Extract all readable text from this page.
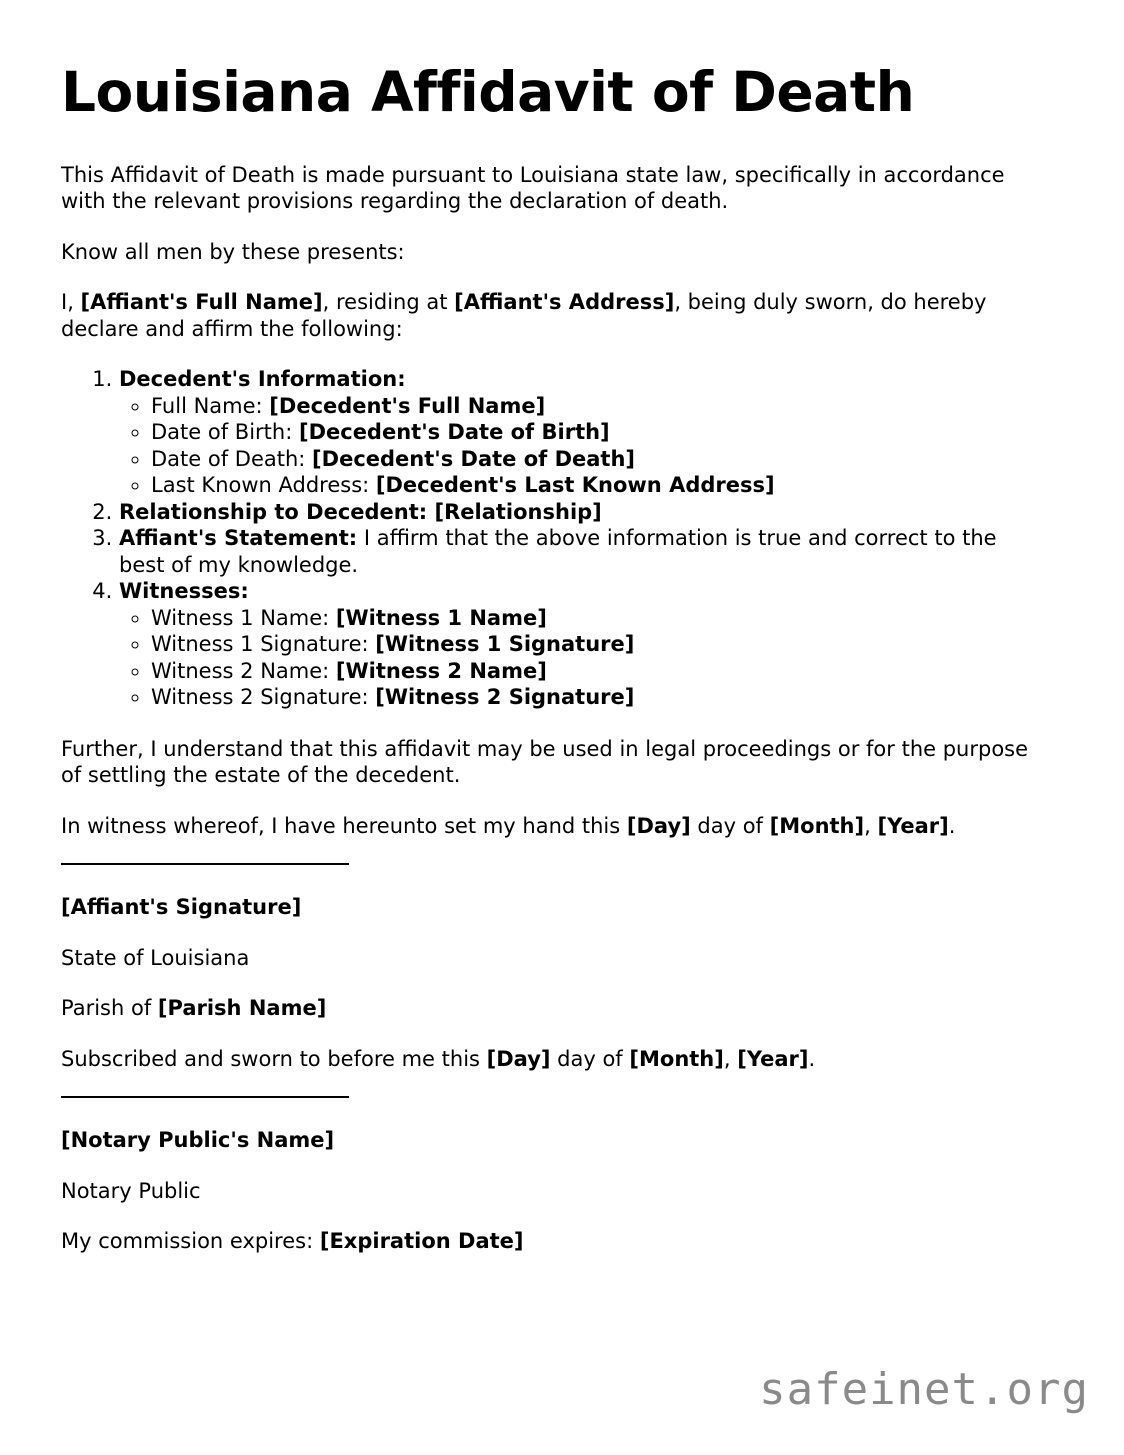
Louisiana Affidavit of Death

This Affidavit of Death is made pursuant to Louisiana state law, specifically in accordance with the relevant provisions regarding the declaration of death.

Know all men by these presents:

I, [Affiant's Full Name], residing at [Affiant's Address], being duly sworn, do hereby declare and affirm the following:

1. Decedent's Information:
◦ Full Name: [Decedent's Full Name]
◦ Date of Birth: [Decedent's Date of Birth]
◦ Date of Death: [Decedent's Date of Death]
◦ Last Known Address: [Decedent's Last Known Address]
2. Relationship to Decedent: [Relationship]
3. Affiant's Statement: I affirm that the above information is true and correct to the best of my knowledge.
4. Witnesses:
◦ Witness 1 Name: [Witness 1 Name]
◦ Witness 1 Signature: [Witness 1 Signature]
◦ Witness 2 Name: [Witness 2 Name]
◦ Witness 2 Signature: [Witness 2 Signature]

Further, I understand that this affidavit may be used in legal proceedings or for the purpose of settling the estate of the decedent.

In witness whereof, I have hereunto set my hand this [Day] day of [Month], [Year].

[Affiant's Signature]

State of Louisiana

Parish of [Parish Name]

Subscribed and sworn to before me this [Day] day of [Month], [Year].

[Notary Public's Name]

Notary Public

My commission expires: [Expiration Date]

safeinet.org
